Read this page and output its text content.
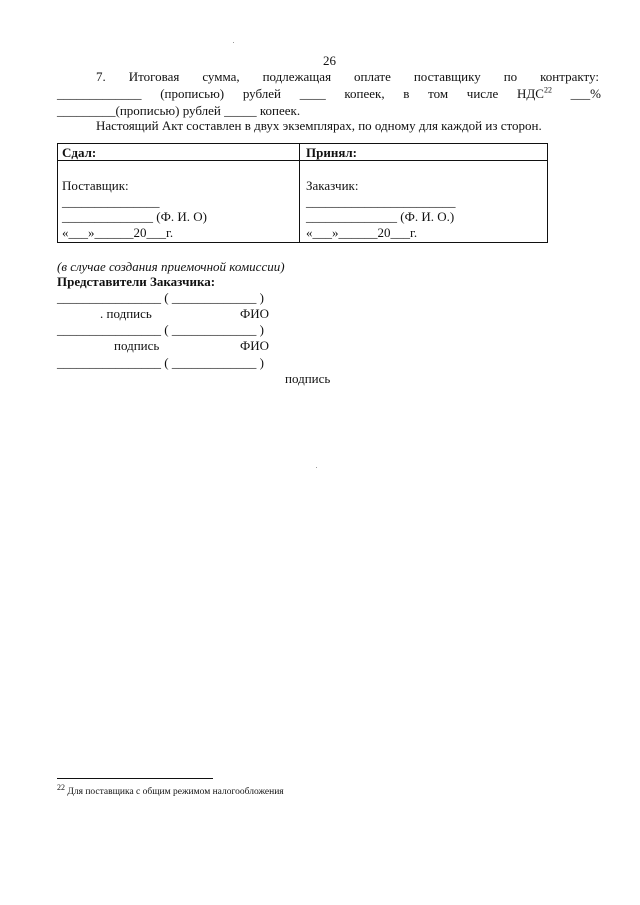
26
7. Итоговая сумма, подлежащая оплате поставщику по контракту:
_____________ (прописью) рублей ____ копеек, в том числе НДС$^{22}$ ___%
_________(прописью) рублей _____ копеек.
Настоящий Акт составлен в двух экземплярах, по одному для каждой из сторон.
Сдал:
Поставщик:
_______________
______________ (Ф. И. О)
«___»______20___г.
Принял:
Заказчик:
_______________________
______________ (Ф. И. О.)
«___»______20___г.
(в случае создания приемочной комиссии)
Представители Заказчика:
________________ ( _____________ )
. подпись	ФИО
________________ ( _____________ )
подпись	ФИО
________________ ( _____________ )
подпись
$^{22}$ Для поставщика с общим режимом налогообложения
